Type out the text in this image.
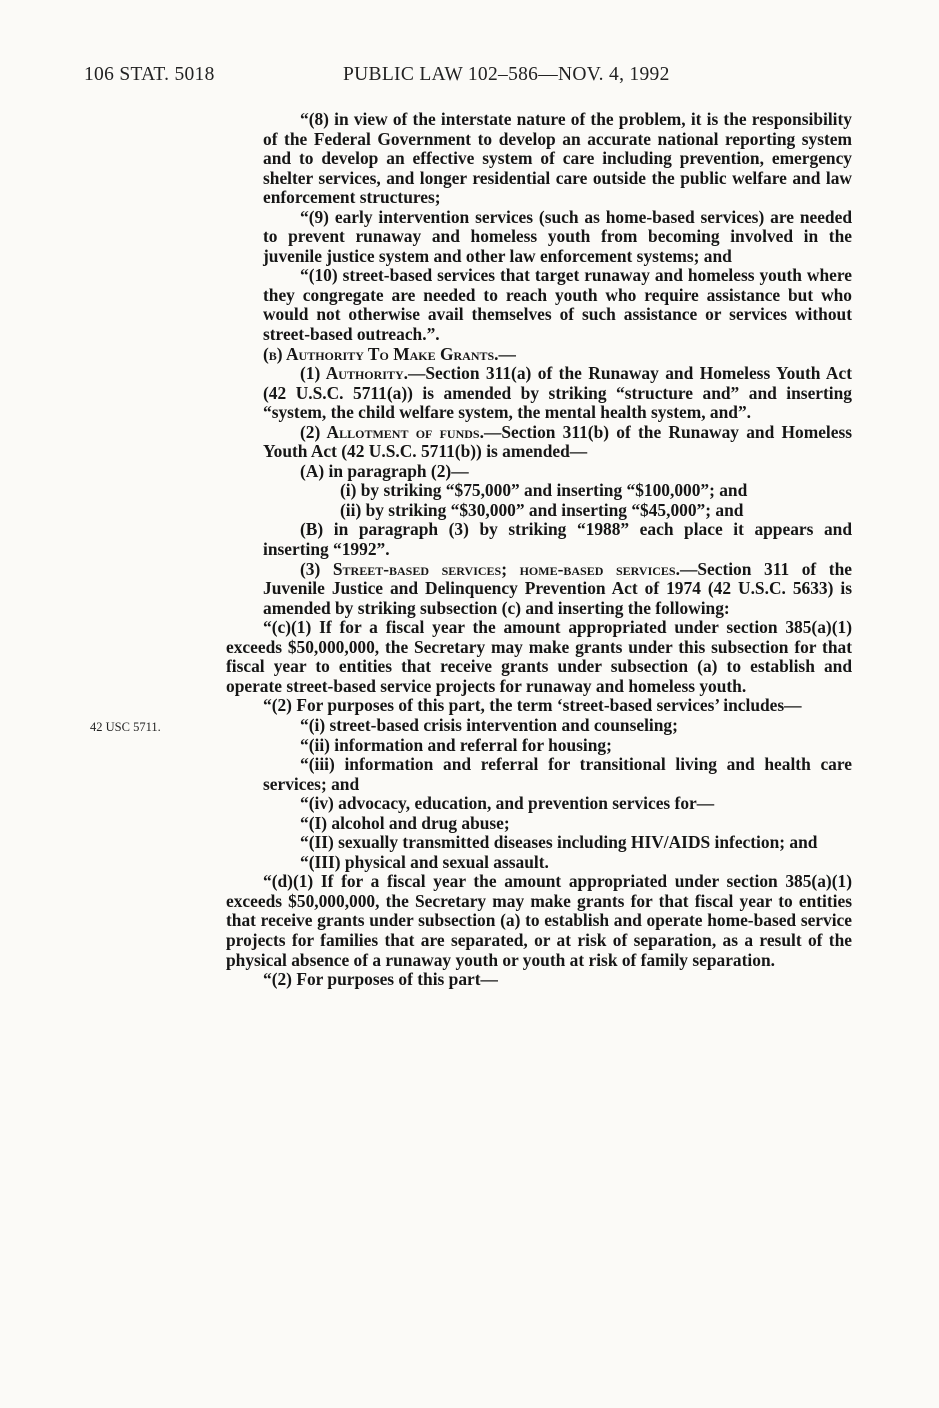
106 STAT. 5018	PUBLIC LAW 102–586—NOV. 4, 1992
42 USC 5711.

“(8) in view of the interstate nature of the problem, it is the responsibility of the Federal Government to develop an accurate national reporting system and to develop an effective system of care including prevention, emergency shelter services, and longer residential care outside the public welfare and law enforcement structures;

“(9) early intervention services (such as home-based services) are needed to prevent runaway and homeless youth from becoming involved in the juvenile justice system and other law enforcement systems; and

“(10) street-based services that target runaway and homeless youth where they congregate are needed to reach youth who require assistance but who would not otherwise avail themselves of such assistance or services without street-based outreach.”.

(b) Authority To Make Grants.—

(1) Authority.—Section 311(a) of the Runaway and Homeless Youth Act (42 U.S.C. 5711(a)) is amended by striking “structure and” and inserting “system, the child welfare system, the mental health system, and”.

(2) Allotment of funds.—Section 311(b) of the Runaway and Homeless Youth Act (42 U.S.C. 5711(b)) is amended—

(A) in paragraph (2)—

(i) by striking “$75,000” and inserting “$100,000”; and

(ii) by striking “$30,000” and inserting “$45,000”; and

(B) in paragraph (3) by striking “1988” each place it appears and inserting “1992”.

(3) Street-based services; home-based services.—Section 311 of the Juvenile Justice and Delinquency Prevention Act of 1974 (42 U.S.C. 5633) is amended by striking subsection (c) and inserting the following:

“(c)(1) If for a fiscal year the amount appropriated under section 385(a)(1) exceeds $50,000,000, the Secretary may make grants under this subsection for that fiscal year to entities that receive grants under subsection (a) to establish and operate street-based service projects for runaway and homeless youth.

“(2) For purposes of this part, the term ‘street-based services’ includes—

“(i) street-based crisis intervention and counseling;

“(ii) information and referral for housing;

“(iii) information and referral for transitional living and health care services; and

“(iv) advocacy, education, and prevention services for—

“(I) alcohol and drug abuse;

“(II) sexually transmitted diseases including HIV/AIDS infection; and

“(III) physical and sexual assault.

“(d)(1) If for a fiscal year the amount appropriated under section 385(a)(1) exceeds $50,000,000, the Secretary may make grants for that fiscal year to entities that receive grants under subsection (a) to establish and operate home-based service projects for families that are separated, or at risk of separation, as a result of the physical absence of a runaway youth or youth at risk of family separation.

“(2) For purposes of this part—
